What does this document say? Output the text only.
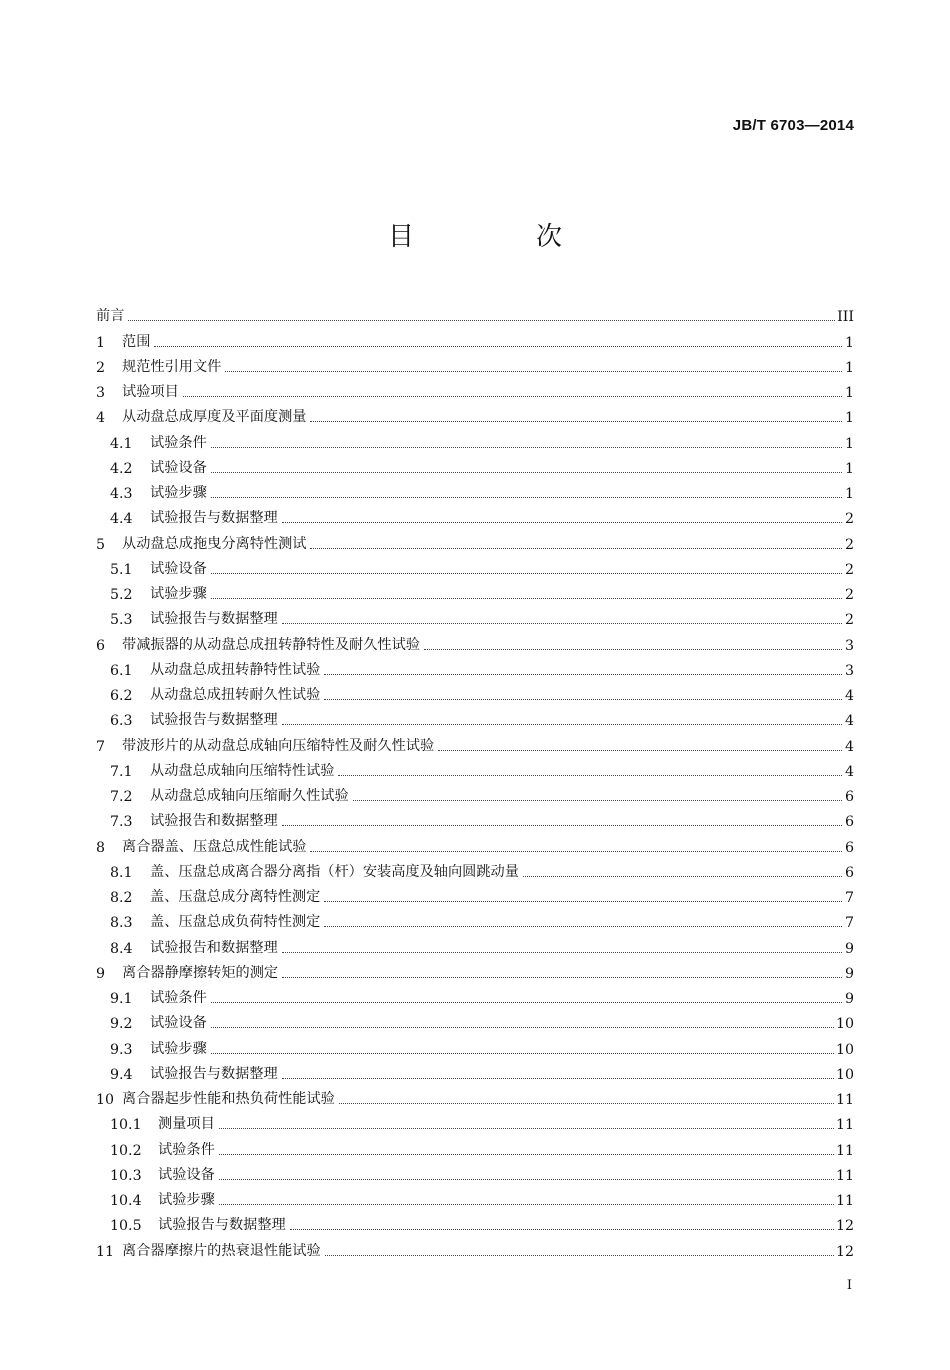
JB/T 6703—2014
目　次
前言	III
1	范围	1
2	规范性引用文件	1
3	试验项目	1
4	从动盘总成厚度及平面度测量	1
4.1	试验条件	1
4.2	试验设备	1
4.3	试验步骤	1
4.4	试验报告与数据整理	2
5	从动盘总成拖曳分离特性测试	2
5.1	试验设备	2
5.2	试验步骤	2
5.3	试验报告与数据整理	2
6	带减振器的从动盘总成扭转静特性及耐久性试验	3
6.1	从动盘总成扭转静特性试验	3
6.2	从动盘总成扭转耐久性试验	4
6.3	试验报告与数据整理	4
7	带波形片的从动盘总成轴向压缩特性及耐久性试验	4
7.1	从动盘总成轴向压缩特性试验	4
7.2	从动盘总成轴向压缩耐久性试验	6
7.3	试验报告和数据整理	6
8	离合器盖、压盘总成性能试验	6
8.1	盖、压盘总成离合器分离指（杆）安装高度及轴向圆跳动量	6
8.2	盖、压盘总成分离特性测定	7
8.3	盖、压盘总成负荷特性测定	7
8.4	试验报告和数据整理	9
9	离合器静摩擦转矩的测定	9
9.1	试验条件	9
9.2	试验设备	10
9.3	试验步骤	10
9.4	试验报告与数据整理	10
10 离合器起步性能和热负荷性能试验	11
10.1	测量项目	11
10.2	试验条件	11
10.3	试验设备	11
10.4	试验步骤	11
10.5	试验报告与数据整理	12
11 离合器摩擦片的热衰退性能试验	12
I
